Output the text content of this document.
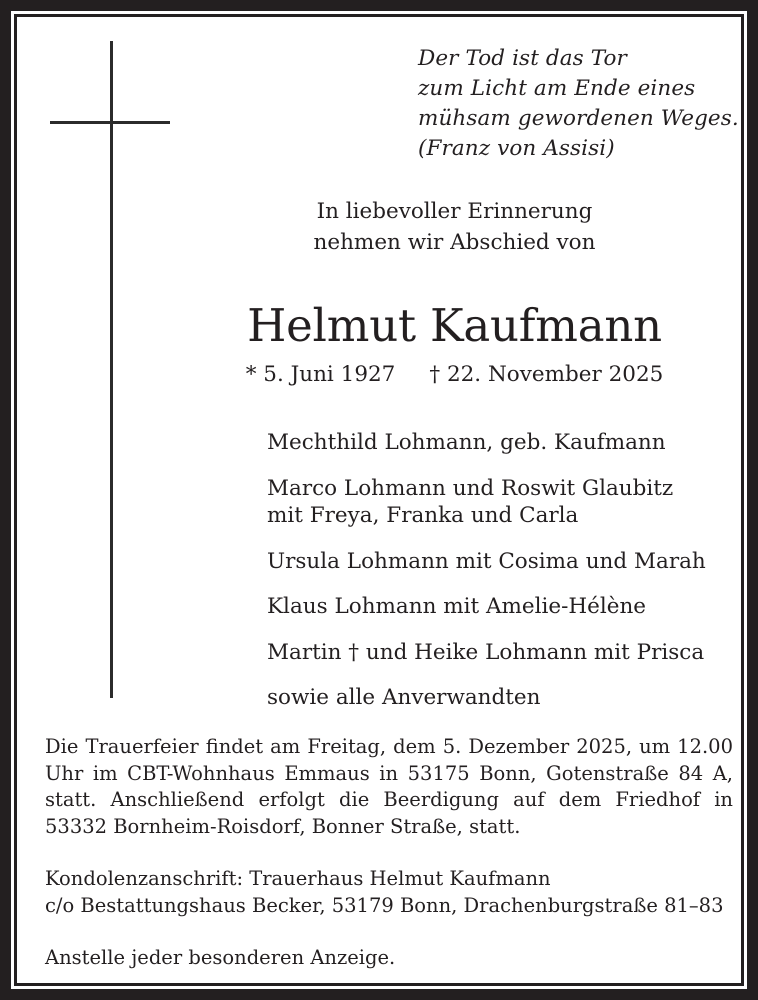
Der Tod ist das Tor
zum Licht am Ende eines
mühsam gewordenen Weges.
(Franz von Assisi)
In liebevoller Erinnerung
nehmen wir Abschied von
Helmut Kaufmann
* 5. Juni 1927 † 22. November 2025
Mechthild Lohmann, geb. Kaufmann
Marco Lohmann und Roswit Glaubitz
mit Freya, Franka und Carla
Ursula Lohmann mit Cosima und Marah
Klaus Lohmann mit Amelie-Hélène
Martin † und Heike Lohmann mit Prisca
sowie alle Anverwandten

Die Trauerfeier findet am Freitag, dem 5. Dezember 2025, um 12.00 Uhr im CBT-Wohnhaus Emmaus in 53175 Bonn, Gotenstraße 84 A, statt. Anschließend erfolgt die Beerdigung auf dem Friedhof in 53332 Bornheim-Roisdorf, Bonner Straße, statt.

Kondolenzanschrift: Trauerhaus Helmut Kaufmann
c/o Bestattungshaus Becker, 53179 Bonn, Drachenburgstraße 81–83

Anstelle jeder besonderen Anzeige.
